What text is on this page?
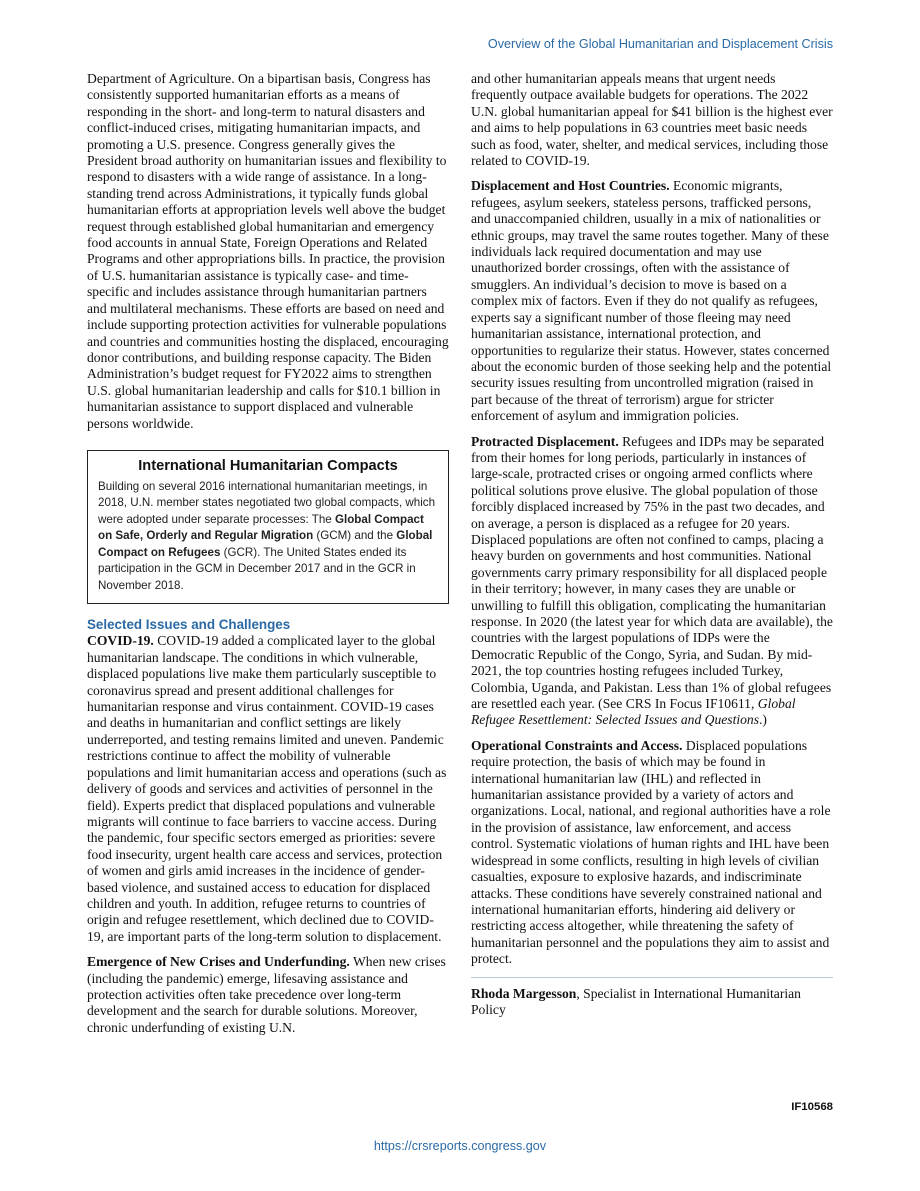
Overview of the Global Humanitarian and Displacement Crisis

Department of Agriculture. On a bipartisan basis, Congress has consistently supported humanitarian efforts as a means of responding in the short- and long-term to natural disasters and conflict-induced crises, mitigating humanitarian impacts, and promoting a U.S. presence. Congress generally gives the President broad authority on humanitarian issues and flexibility to respond to disasters with a wide range of assistance. In a long-standing trend across Administrations, it typically funds global humanitarian efforts at appropriation levels well above the budget request through established global humanitarian and emergency food accounts in annual State, Foreign Operations and Related Programs and other appropriations bills. In practice, the provision of U.S. humanitarian assistance is typically case- and time-specific and includes assistance through humanitarian partners and multilateral mechanisms. These efforts are based on need and include supporting protection activities for vulnerable populations and countries and communities hosting the displaced, encouraging donor contributions, and building response capacity. The Biden Administration’s budget request for FY2022 aims to strengthen U.S. global humanitarian leadership and calls for $10.1 billion in humanitarian assistance to support displaced and vulnerable persons worldwide.

International Humanitarian Compacts
Building on several 2016 international humanitarian meetings, in 2018, U.N. member states negotiated two global compacts, which were adopted under separate processes: The Global Compact on Safe, Orderly and Regular Migration (GCM) and the Global Compact on Refugees (GCR). The United States ended its participation in the GCM in December 2017 and in the GCR in November 2018.
Selected Issues and Challenges

COVID-19. COVID-19 added a complicated layer to the global humanitarian landscape. The conditions in which vulnerable, displaced populations live make them particularly susceptible to coronavirus spread and present additional challenges for humanitarian response and virus containment. COVID-19 cases and deaths in humanitarian and conflict settings are likely underreported, and testing remains limited and uneven. Pandemic restrictions continue to affect the mobility of vulnerable populations and limit humanitarian access and operations (such as delivery of goods and services and activities of personnel in the field). Experts predict that displaced populations and vulnerable migrants will continue to face barriers to vaccine access. During the pandemic, four specific sectors emerged as priorities: severe food insecurity, urgent health care access and services, protection of women and girls amid increases in the incidence of gender-based violence, and sustained access to education for displaced children and youth. In addition, refugee returns to countries of origin and refugee resettlement, which declined due to COVID-19, are important parts of the long-term solution to displacement.

Emergence of New Crises and Underfunding. When new crises (including the pandemic) emerge, lifesaving assistance and protection activities often take precedence over long-term development and the search for durable solutions. Moreover, chronic underfunding of existing U.N.

and other humanitarian appeals means that urgent needs frequently outpace available budgets for operations. The 2022 U.N. global humanitarian appeal for $41 billion is the highest ever and aims to help populations in 63 countries meet basic needs such as food, water, shelter, and medical services, including those related to COVID-19.

Displacement and Host Countries. Economic migrants, refugees, asylum seekers, stateless persons, trafficked persons, and unaccompanied children, usually in a mix of nationalities or ethnic groups, may travel the same routes together. Many of these individuals lack required documentation and may use unauthorized border crossings, often with the assistance of smugglers. An individual’s decision to move is based on a complex mix of factors. Even if they do not qualify as refugees, experts say a significant number of those fleeing may need humanitarian assistance, international protection, and opportunities to regularize their status. However, states concerned about the economic burden of those seeking help and the potential security issues resulting from uncontrolled migration (raised in part because of the threat of terrorism) argue for stricter enforcement of asylum and immigration policies.

Protracted Displacement. Refugees and IDPs may be separated from their homes for long periods, particularly in instances of large-scale, protracted crises or ongoing armed conflicts where political solutions prove elusive. The global population of those forcibly displaced increased by 75% in the past two decades, and on average, a person is displaced as a refugee for 20 years. Displaced populations are often not confined to camps, placing a heavy burden on governments and host communities. National governments carry primary responsibility for all displaced people in their territory; however, in many cases they are unable or unwilling to fulfill this obligation, complicating the humanitarian response. In 2020 (the latest year for which data are available), the countries with the largest populations of IDPs were the Democratic Republic of the Congo, Syria, and Sudan. By mid-2021, the top countries hosting refugees included Turkey, Colombia, Uganda, and Pakistan. Less than 1% of global refugees are resettled each year. (See CRS In Focus IF10611, Global Refugee Resettlement: Selected Issues and Questions.)

Operational Constraints and Access. Displaced populations require protection, the basis of which may be found in international humanitarian law (IHL) and reflected in humanitarian assistance provided by a variety of actors and organizations. Local, national, and regional authorities have a role in the provision of assistance, law enforcement, and access control. Systematic violations of human rights and IHL have been widespread in some conflicts, resulting in high levels of civilian casualties, exposure to explosive hazards, and indiscriminate attacks. These conditions have severely constrained national and international humanitarian efforts, hindering aid delivery or restricting access altogether, while threatening the safety of humanitarian personnel and the populations they aim to assist and protect.

Rhoda Margesson, Specialist in International Humanitarian Policy
IF10568
https://crsreports.congress.gov
